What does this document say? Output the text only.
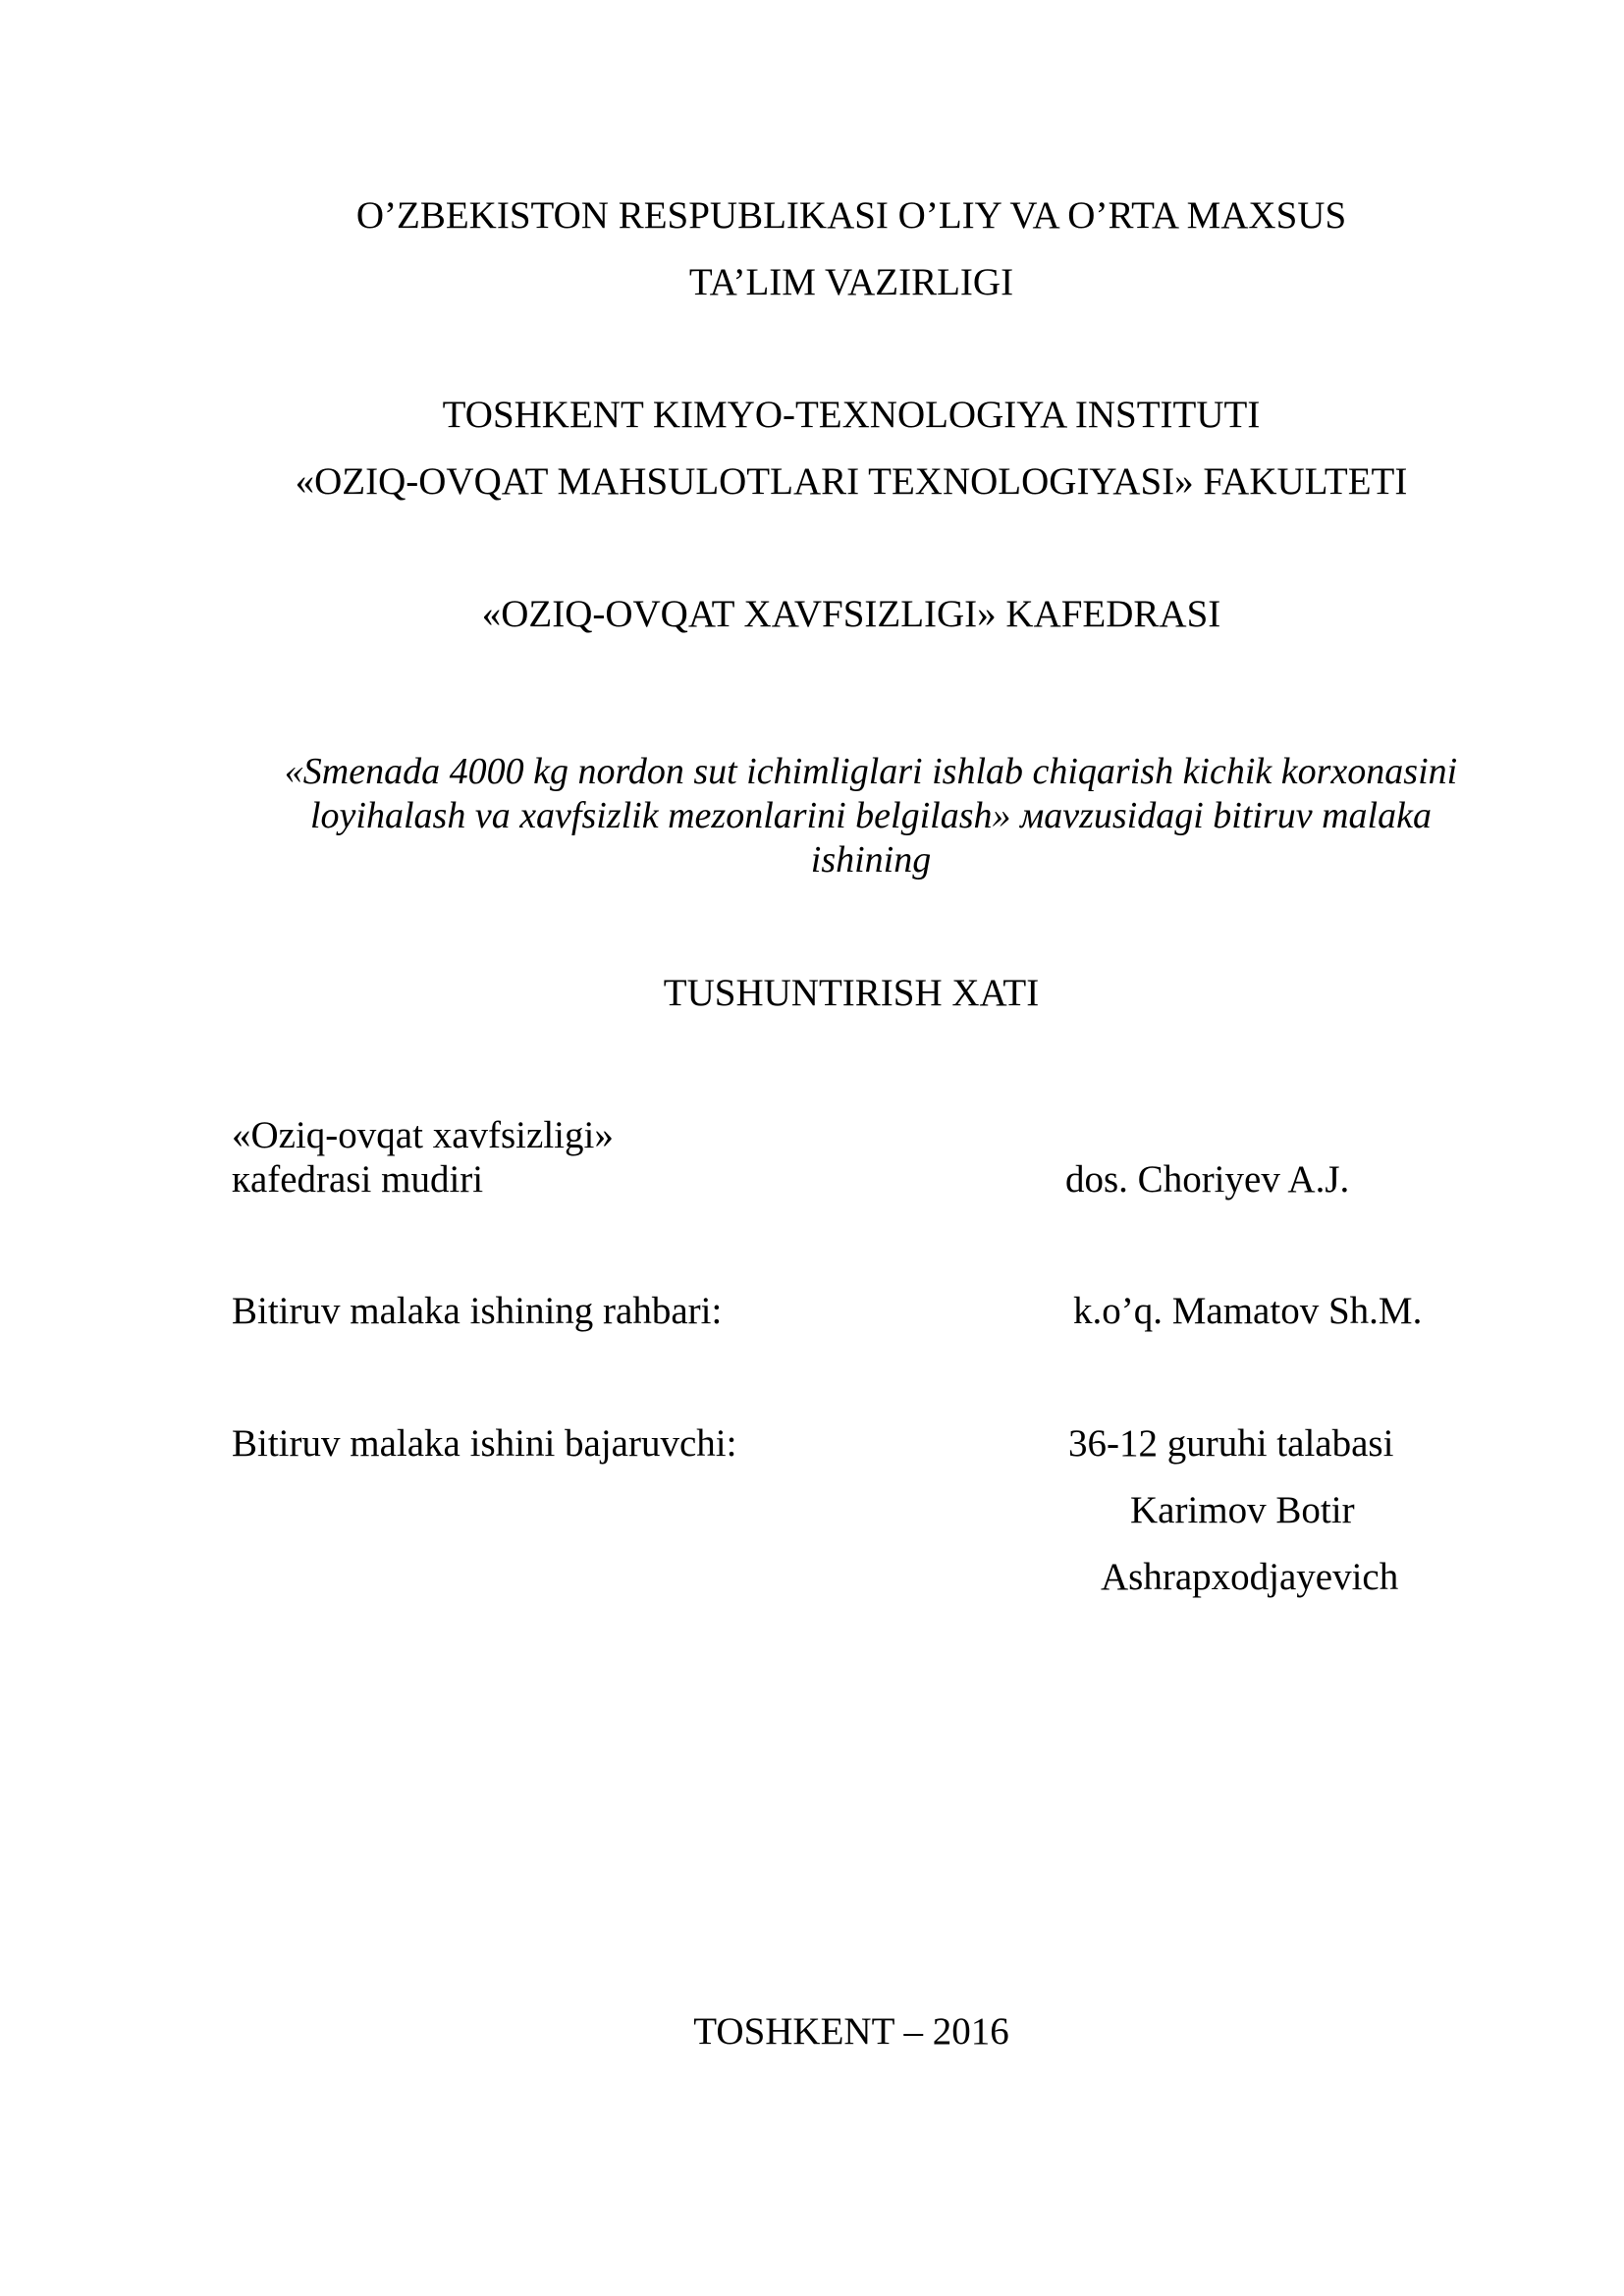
O’ZBEKISTON RESPUBLIKASI O’LIY VA O’RTA MAXSUS
TA’LIM VAZIRLIGI
TOSHKENT KIMYO-TEXNOLOGIYA INSTITUTI
«OZIQ-OVQAT MAHSULOTLARI TEXNOLOGIYASI» FAKULTETI
«OZIQ-OVQAT XAVFSIZLIGI» KAFEDRASI
«Smenada 4000 kg nordon sut ichimliglari ishlab chiqarish kichik korxonasini
loyihalash va xavfsizlik mezonlarini belgilash» мavzusidagi bitiruv malaka
ishining
TUSHUNTIRISH XATI
«Oziq-ovqat xavfsizligi»
кafedrasi mudiri	dos. Choriyev A.J.
Bitiruv malaka ishining rahbari:	k.o’q. Mamatov Sh.M.
Bitiruv malaka ishini bajaruvchi:	36-12 guruhi talabasi
Karimov Botir
Ashrapxodjayevich
TOSHKENT – 2016
